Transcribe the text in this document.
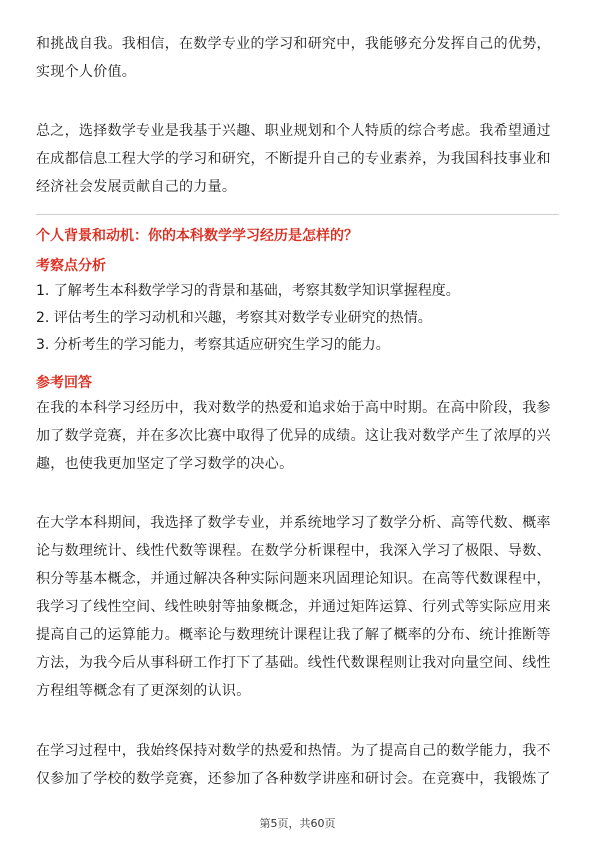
和挑战自我。我相信，在数学专业的学习和研究中，我能够充分发挥自己的优势，
实现个人价值。

总之，选择数学专业是我基于兴趣、职业规划和个人特质的综合考虑。我希望通过
在成都信息工程大学的学习和研究，不断提升自己的专业素养，为我国科技事业和
经济社会发展贡献自己的力量。

个人背景和动机：你的本科数学学习经历是怎样的？
考察点分析

1. 了解考生本科数学学习的背景和基础，考察其数学知识掌握程度。

2. 评估考生的学习动机和兴趣，考察其对数学专业研究的热情。

3. 分析考生的学习能力，考察其适应研究生学习的能力。

参考回答

在我的本科学习经历中，我对数学的热爱和追求始于高中时期。在高中阶段，我参
加了数学竞赛，并在多次比赛中取得了优异的成绩。这让我对数学产生了浓厚的兴
趣，也使我更加坚定了学习数学的决心。

在大学本科期间，我选择了数学专业，并系统地学习了数学分析、高等代数、概率
论与数理统计、线性代数等课程。在数学分析课程中，我深入学习了极限、导数、
积分等基本概念，并通过解决各种实际问题来巩固理论知识。在高等代数课程中，
我学习了线性空间、线性映射等抽象概念，并通过矩阵运算、行列式等实际应用来
提高自己的运算能力。概率论与数理统计课程让我了解了概率的分布、统计推断等
方法，为我今后从事科研工作打下了基础。线性代数课程则让我对向量空间、线性
方程组等概念有了更深刻的认识。

在学习过程中，我始终保持对数学的热爱和热情。为了提高自己的数学能力，我不
仅参加了学校的数学竞赛，还参加了各种数学讲座和研讨会。在竞赛中，我锻炼了

第5页，共60页
